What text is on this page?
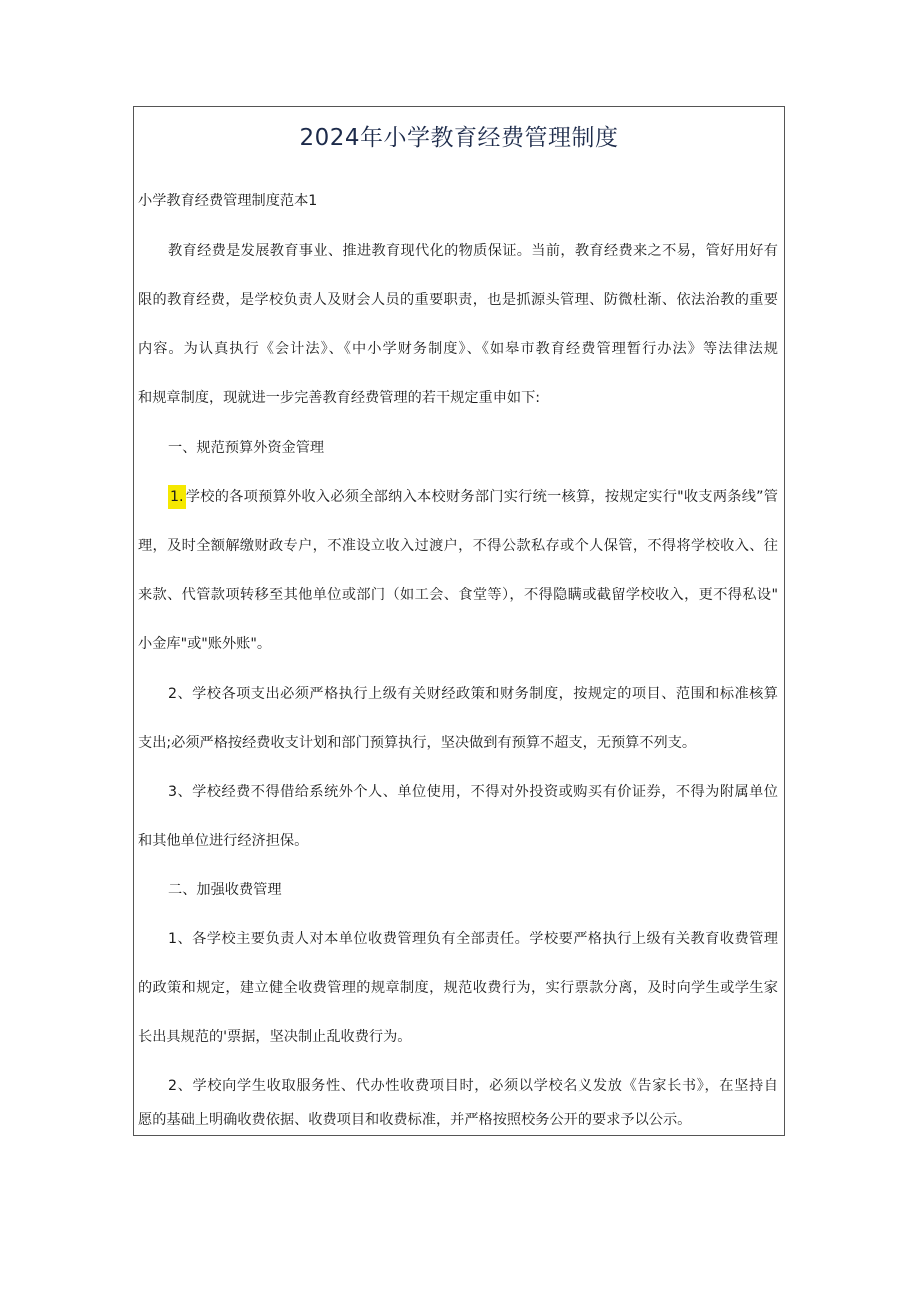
2024年小学教育经费管理制度
小学教育经费管理制度范本1
教育经费是发展教育事业、推进教育现代化的物质保证。当前，教育经费来之不易，管好用好有
限的教育经费，是学校负责人及财会人员的重要职责，也是抓源头管理、防微杜渐、依法治教的重要
内容。为认真执行《会计法》、《中小学财务制度》、《如皋市教育经费管理暂行办法》等法律法规
和规章制度，现就进一步完善教育经费管理的若干规定重申如下:
一、规范预算外资金管理
1. 学校的各项预算外收入必须全部纳入本校财务部门实行统一核算，按规定实行"收支两条线”管
理，及时全额解缴财政专户，不准设立收入过渡户，不得公款私存或个人保管，不得将学校收入、往
来款、代管款项转移至其他单位或部门（如工会、食堂等），不得隐瞒或截留学校收入，更不得私设"
小金库"或"账外账"。
2、学校各项支出必须严格执行上级有关财经政策和财务制度，按规定的项目、范围和标准核算
支出;必须严格按经费收支计划和部门预算执行，坚决做到有预算不超支，无预算不列支。
3、学校经费不得借给系统外个人、单位使用，不得对外投资或购买有价证券，不得为附属单位
和其他单位进行经济担保。
二、加强收费管理
1、各学校主要负责人对本单位收费管理负有全部责任。学校要严格执行上级有关教育收费管理
的政策和规定，建立健全收费管理的规章制度，规范收费行为，实行票款分离，及时向学生或学生家
长出具规范的'票据，坚决制止乱收费行为。
2、学校向学生收取服务性、代办性收费项目时，必须以学校名义发放《告家长书》，在坚持自
愿的基础上明确收费依据、收费项目和收费标准，并严格按照校务公开的要求予以公示。
